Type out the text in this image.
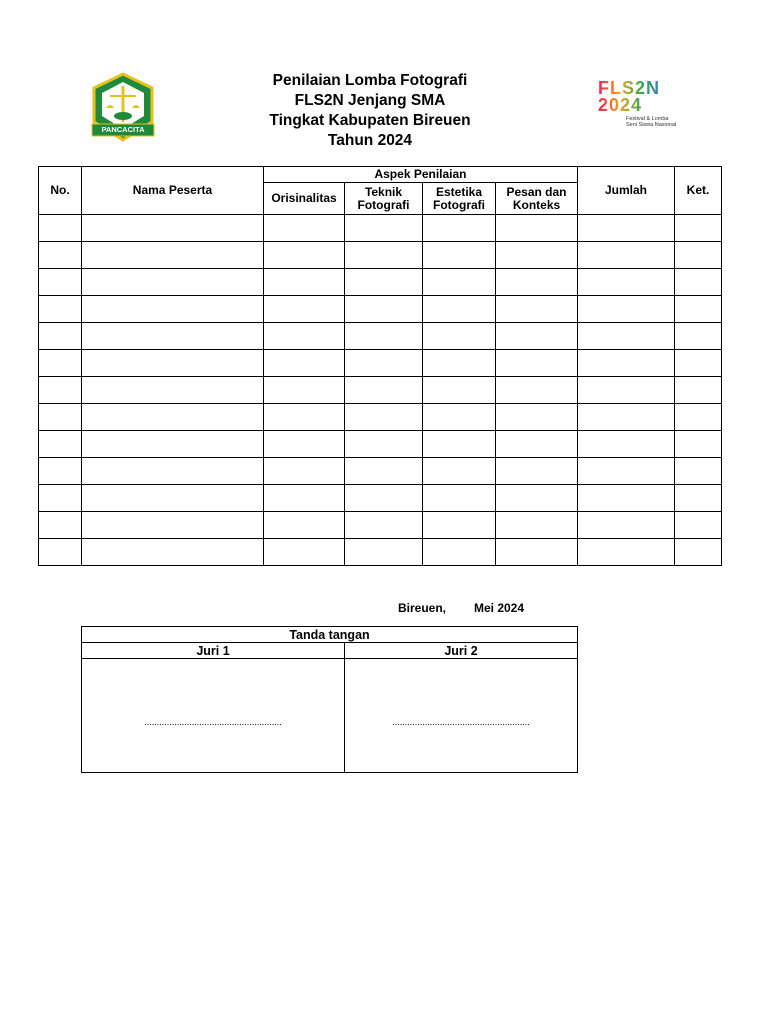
PANCACITA
Penilaian Lomba Fotografi
FLS2N Jenjang SMA
Tingkat Kabupaten Bireuen
Tahun 2024
FLS2N 2024
Festival & Lomba
Seni Siswa Nasional
No.	Nama Peserta	Aspek Penilaian				Jumlah	Ket.
		Orisinalitas	Teknik Fotografi	Estetika Fotografi	Pesan dan Konteks		

Bireuen, Mei 2024
Tanda tangan	
Juri 1	Juri 2

.......................................................	.......................................................
